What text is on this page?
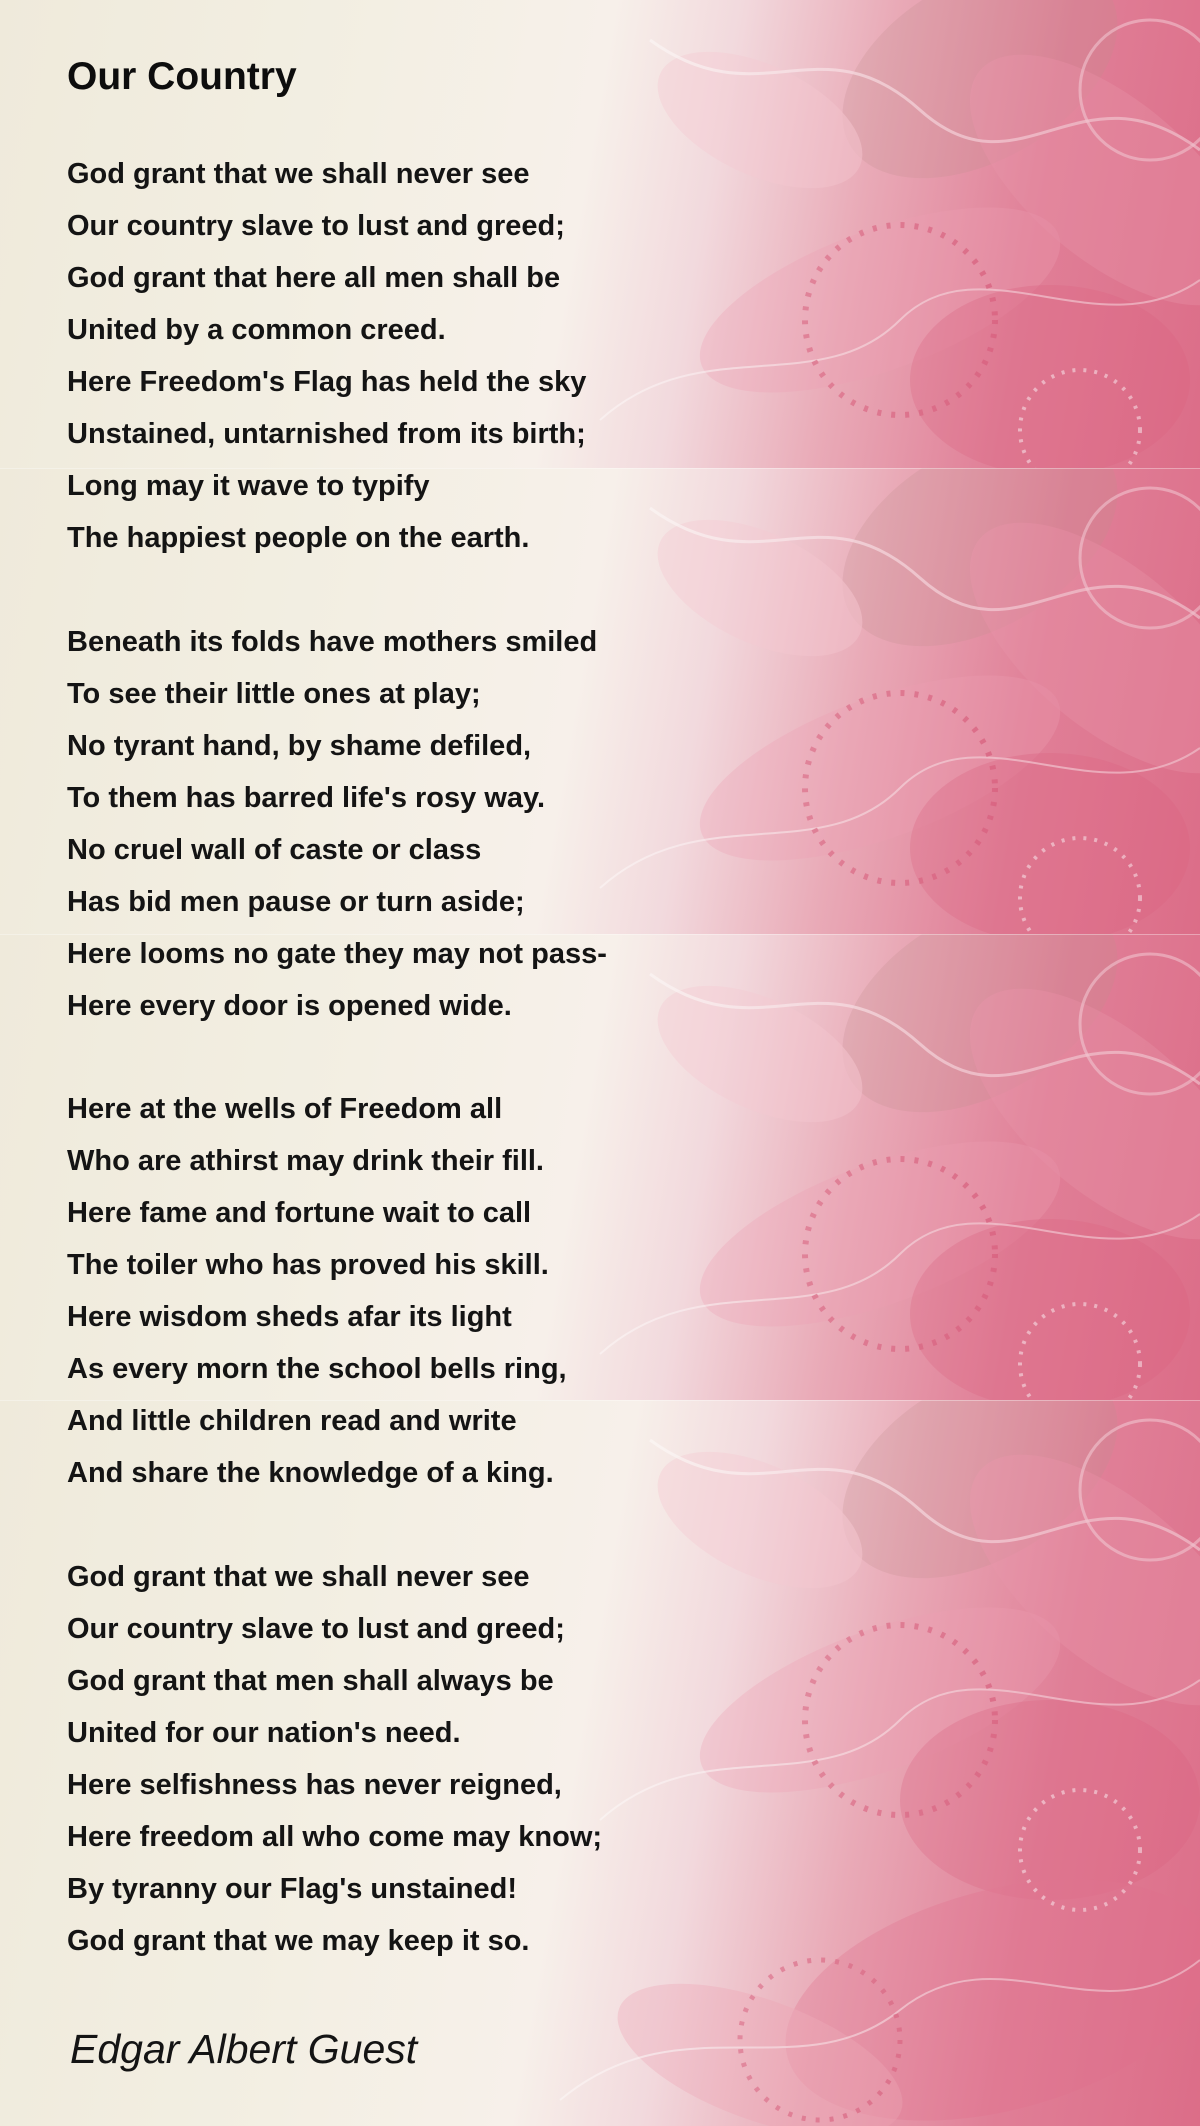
Our Country
God grant that we shall never see
Our country slave to lust and greed;
God grant that here all men shall be
United by a common creed.
Here Freedom's Flag has held the sky
Unstained, untarnished from its birth;
Long may it wave to typify
The happiest people on the earth.
Beneath its folds have mothers smiled
To see their little ones at play;
No tyrant hand, by shame defiled,
To them has barred life's rosy way.
No cruel wall of caste or class
Has bid men pause or turn aside;
Here looms no gate they may not pass-
Here every door is opened wide.
Here at the wells of Freedom all
Who are athirst may drink their fill.
Here fame and fortune wait to call
The toiler who has proved his skill.
Here wisdom sheds afar its light
As every morn the school bells ring,
And little children read and write
And share the knowledge of a king.
God grant that we shall never see
Our country slave to lust and greed;
God grant that men shall always be
United for our nation's need.
Here selfishness has never reigned,
Here freedom all who come may know;
By tyranny our Flag's unstained!
God grant that we may keep it so.
Edgar Albert Guest
